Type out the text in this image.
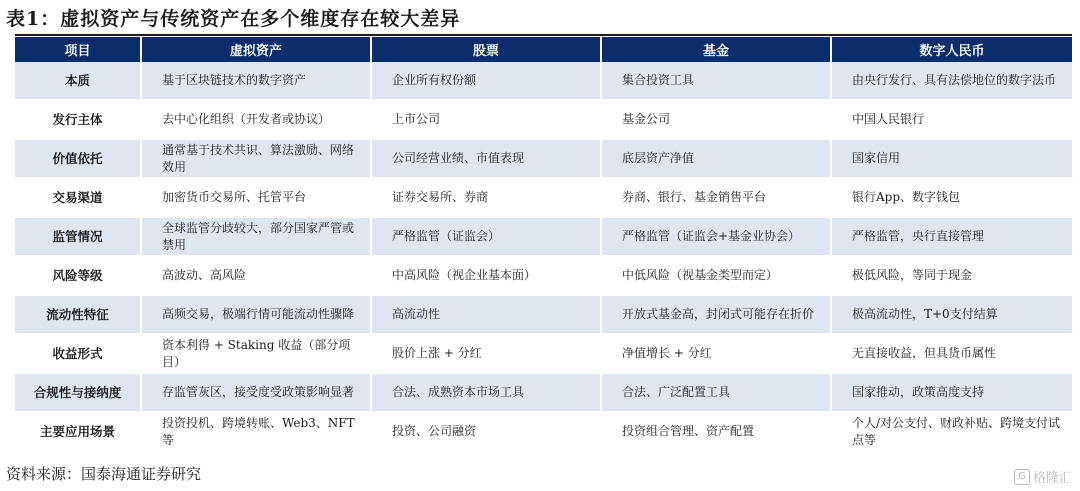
表1：虚拟资产与传统资产在多个维度存在较大差异
项目	虚拟资产	股票	基金	数字人民币
本质	基于区块链技术的数字资产	企业所有权份额	集合投资工具	由央行发行、具有法偿地位的数字法币
发行主体	去中心化组织（开发者或协议）	上市公司	基金公司	中国人民银行
价值依托	通常基于技术共识、算法激励、网络效用	公司经营业绩、市值表现	底层资产净值	国家信用
交易渠道	加密货币交易所、托管平台	证券交易所、券商	券商、银行、基金销售平台	银行App、数字钱包
监管情况	全球监管分歧较大，部分国家严管或禁用	严格监管（证监会）	严格监管（证监会+基金业协会）	严格监管，央行直接管理
风险等级	高波动、高风险	中高风险（视企业基本面）	中低风险（视基金类型而定）	极低风险，等同于现金
流动性特征	高频交易，极端行情可能流动性骤降	高流动性	开放式基金高，封闭式可能存在折价	极高流动性，T+0支付结算
收益形式	资本利得 + Staking 收益（部分项目）	股价上涨 + 分红	净值增长 + 分红	无直接收益，但具货币属性
合规性与接纳度	存监管灰区，接受度受政策影响显著	合法、成熟资本市场工具	合法、广泛配置工具	国家推动，政策高度支持
主要应用场景	投资投机、跨境转账、Web3、NFT等	投资、公司融资	投资组合管理、资产配置	个人/对公支付、财政补贴、跨境支付试点等
资料来源：国泰海通证券研究	G 格隆汇
